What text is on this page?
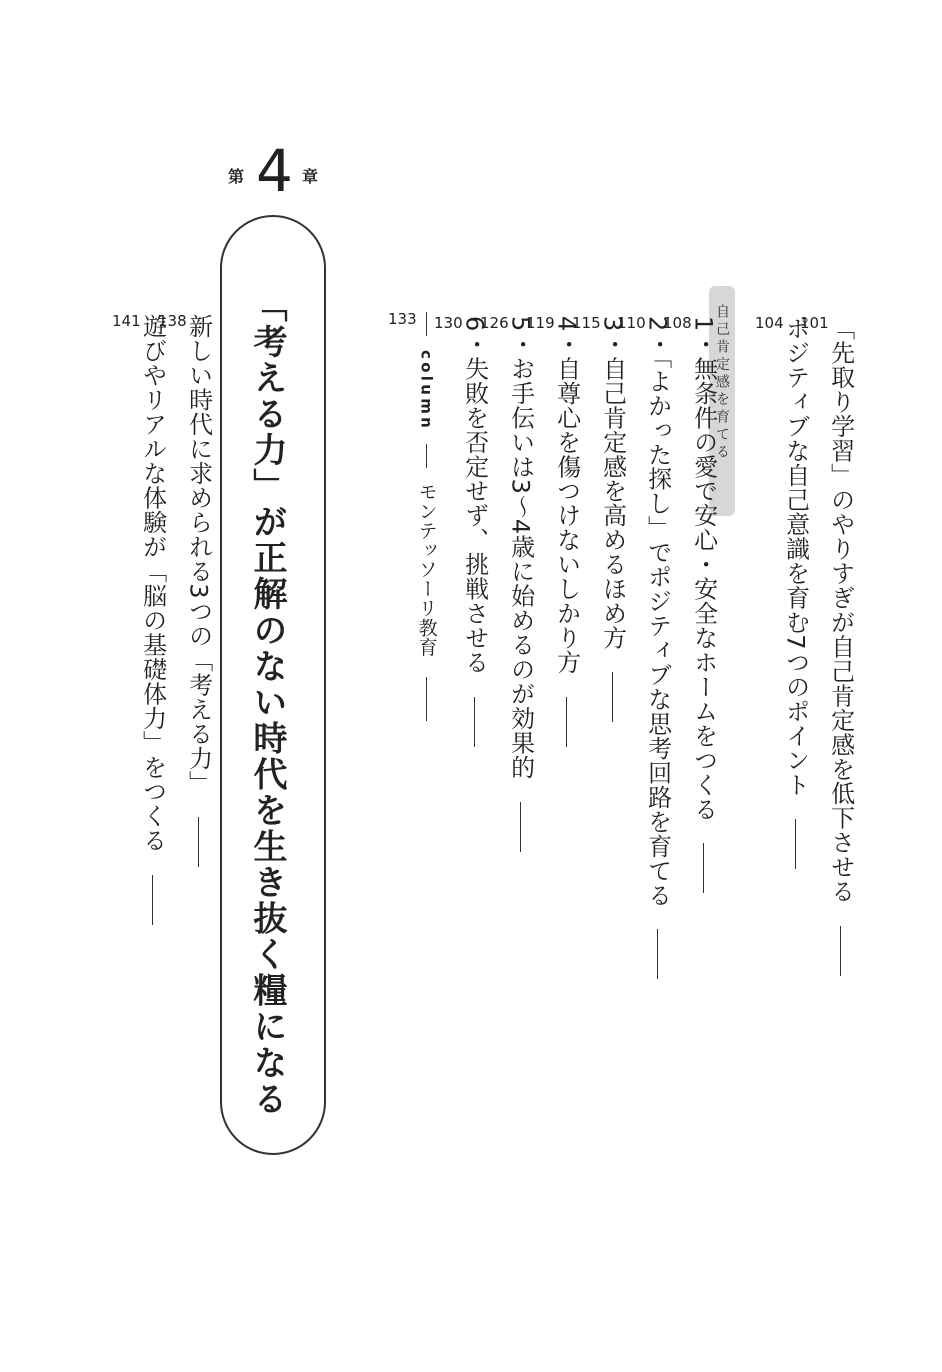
第 4 章
「考える力」が正解のない時代を生き抜く糧になる	自己肯定感を育てる	「先取り学習」のやりすぎが自己肯定感を低下させる
101
ポジティブな自己意識を育む7つのポイント
104
1・無条件の愛で安心・安全なホームをつくる
108
2・「よかった探し」でポジティブな思考回路を育てる
110
3・自己肯定感を高めるほめ方
115
4・自尊心を傷つけないしかり方
119
5・お手伝いは3〜4歳に始めるのが効果的
126
6・失敗を否定せず、挑戦させる
130
column  モンテッソーリ教育
133
新しい時代に求められる3つの「考える力」
138
遊びやリアルな体験が「脳の基礎体力」をつくる
141
